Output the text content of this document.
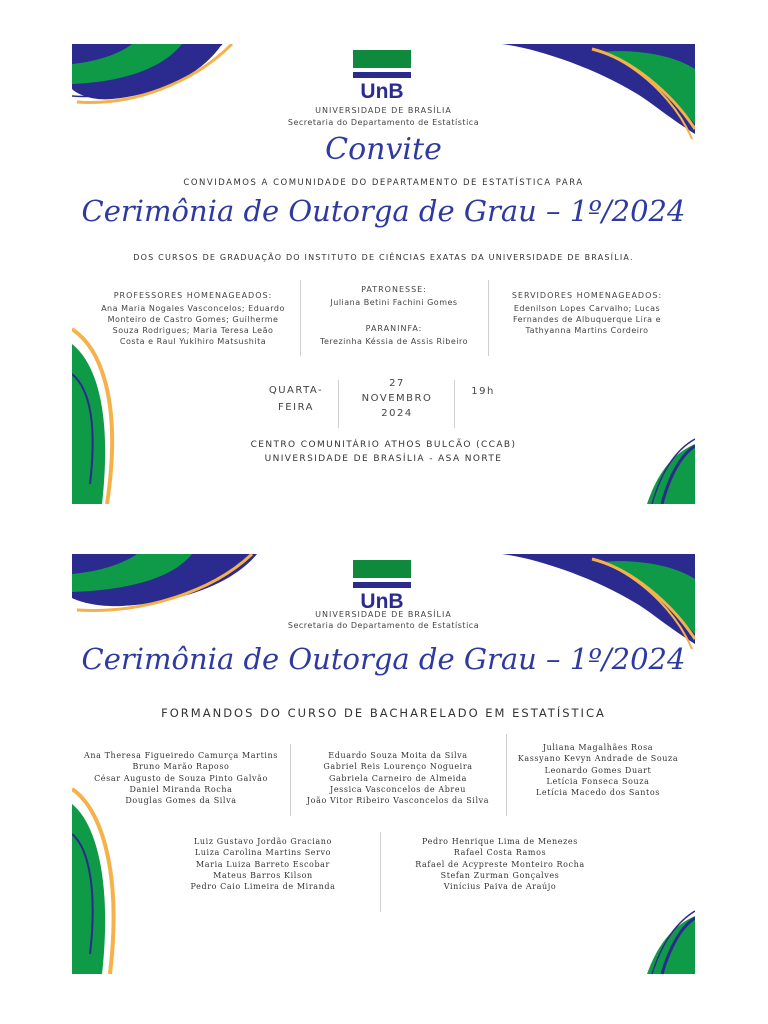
UnB
UNIVERSIDADE DE BRASÍLIA
Secretaria do Departamento de Estatística
Convite
CONVIDAMOS A COMUNIDADE DO DEPARTAMENTO DE ESTATÍSTICA PARA
Cerimônia de Outorga de Grau – 1º/2024
DOS CURSOS DE GRADUAÇÃO DO INSTITUTO DE CIÊNCIAS EXATAS DA UNIVERSIDADE DE BRASÍLIA.
PROFESSORES HOMENAGEADOS:
Ana Maria Nogales Vasconcelos; Eduardo
Monteiro de Castro Gomes; Guilherme
Souza Rodrigues; Maria Teresa Leão
Costa e Raul Yukihiro Matsushita
PATRONESSE:
Juliana Betini Fachini Gomes
PARANINFA:
Terezinha Késsia de Assis Ribeiro
SERVIDORES HOMENAGEADOS:
Edenilson Lopes Carvalho; Lucas
Fernandes de Albuquerque Lira e
Tathyanna Martins Cordeiro
QUARTA-
FEIRA
27
NOVEMBRO
2024
19h
CENTRO COMUNITÁRIO ATHOS BULCÃO (CCAB)
UNIVERSIDADE DE BRASÍLIA - ASA NORTE
UnB
UNIVERSIDADE DE BRASÍLIA
Secretaria do Departamento de Estatística
Cerimônia de Outorga de Grau – 1º/2024
FORMANDOS DO CURSO DE BACHARELADO EM ESTATÍSTICA
Ana Theresa Figueiredo Camurça Martins
Bruno Marão Raposo
César Augusto de Souza Pinto Galvão
Daniel Miranda Rocha
Douglas Gomes da Silva
Eduardo Souza Moita da Silva
Gabriel Reis Lourenço Nogueira
Gabriela Carneiro de Almeida
Jessica Vasconcelos de Abreu
João Vitor Ribeiro Vasconcelos da Silva
Juliana Magalhães Rosa
Kassyano Kevyn Andrade de Souza
Leonardo Gomes Duart
Letícia Fonseca Souza
Letícia Macedo dos Santos
Luiz Gustavo Jordão Graciano
Luiza Carolina Martins Servo
Maria Luiza Barreto Escobar
Mateus Barros Kilson
Pedro Caio Limeira de Miranda
Pedro Henrique Lima de Menezes
Rafael Costa Ramos
Rafael de Acypreste Monteiro Rocha
Stefan Zurman Gonçalves
Vinícius Paiva de Araújo
